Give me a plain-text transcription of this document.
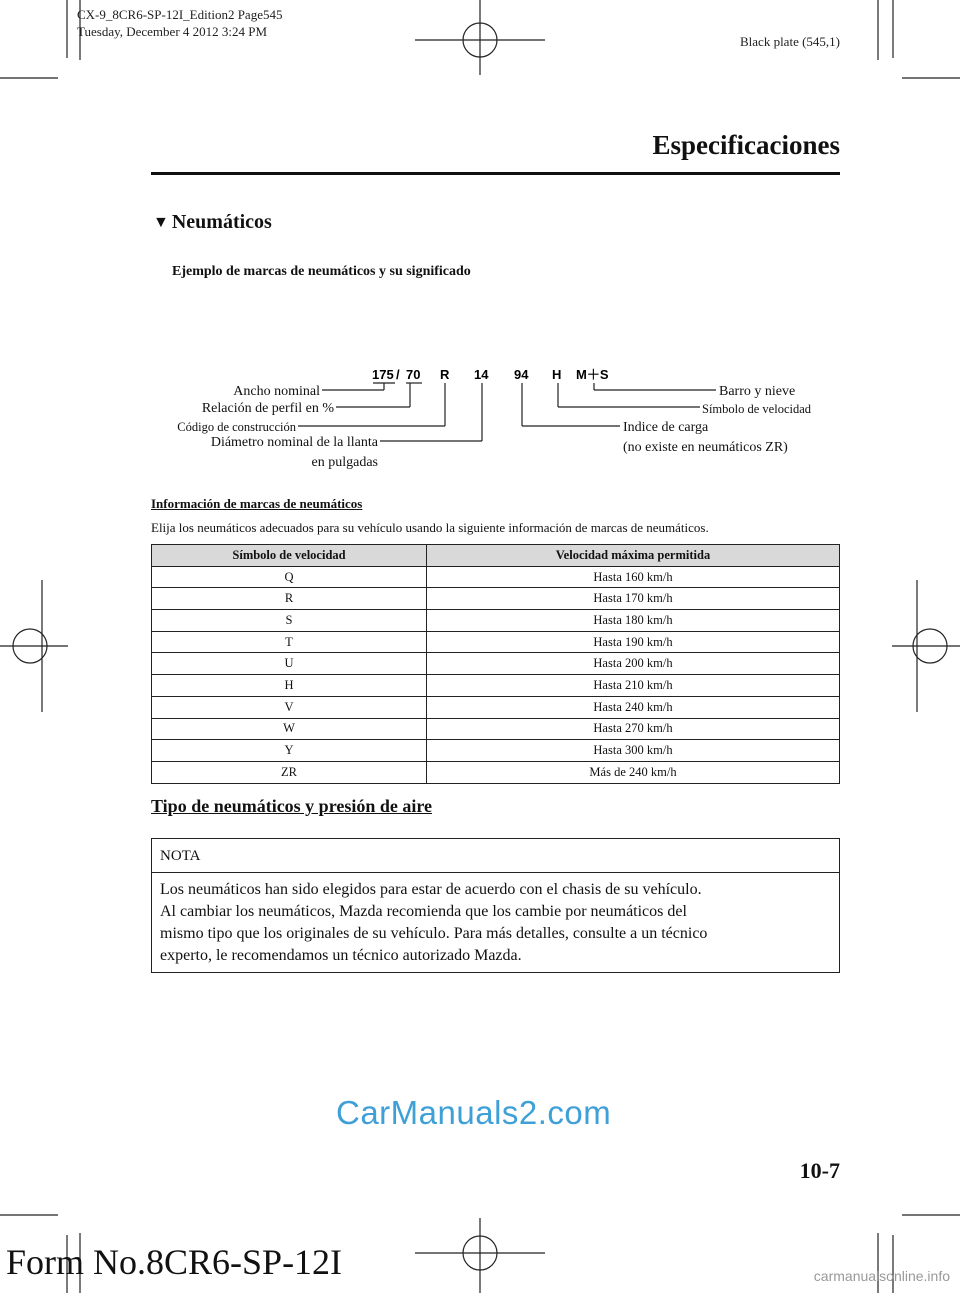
CX-9_8CR6-SP-12I_Edition2 Page545
Tuesday, December 4 2012 3:24 PM
Black plate (545,1)
Especificaciones
▼ Neumáticos
Ejemplo de marcas de neumáticos y su significado
175 / 70 R 14 94 H M＋S
Ancho nominal
Relación de perfil en %
Código de construcción
Diámetro nominal de la llanta
en pulgadas
Barro y nieve
Símbolo de velocidad
Indice de carga
(no existe en neumáticos ZR)
Información de marcas de neumáticos
Elija los neumáticos adecuados para su vehículo usando la siguiente información de marcas de neumáticos.
Símbolo de velocidad	Velocidad máxima permitida
Q	Hasta 160 km/h
R	Hasta 170 km/h
S	Hasta 180 km/h
T	Hasta 190 km/h
U	Hasta 200 km/h
H	Hasta 210 km/h
V	Hasta 240 km/h
W	Hasta 270 km/h
Y	Hasta 300 km/h
ZR	Más de 240 km/h
Tipo de neumáticos y presión de aire
NOTA
Los neumáticos han sido elegidos para estar de acuerdo con el chasis de su vehículo.
Al cambiar los neumáticos, Mazda recomienda que los cambie por neumáticos del
mismo tipo que los originales de su vehículo. Para más detalles, consulte a un técnico
experto, le recomendamos un técnico autorizado Mazda.
CarManuals2.com
10-7
Form No.8CR6-SP-12I	carmanualsonline.info
